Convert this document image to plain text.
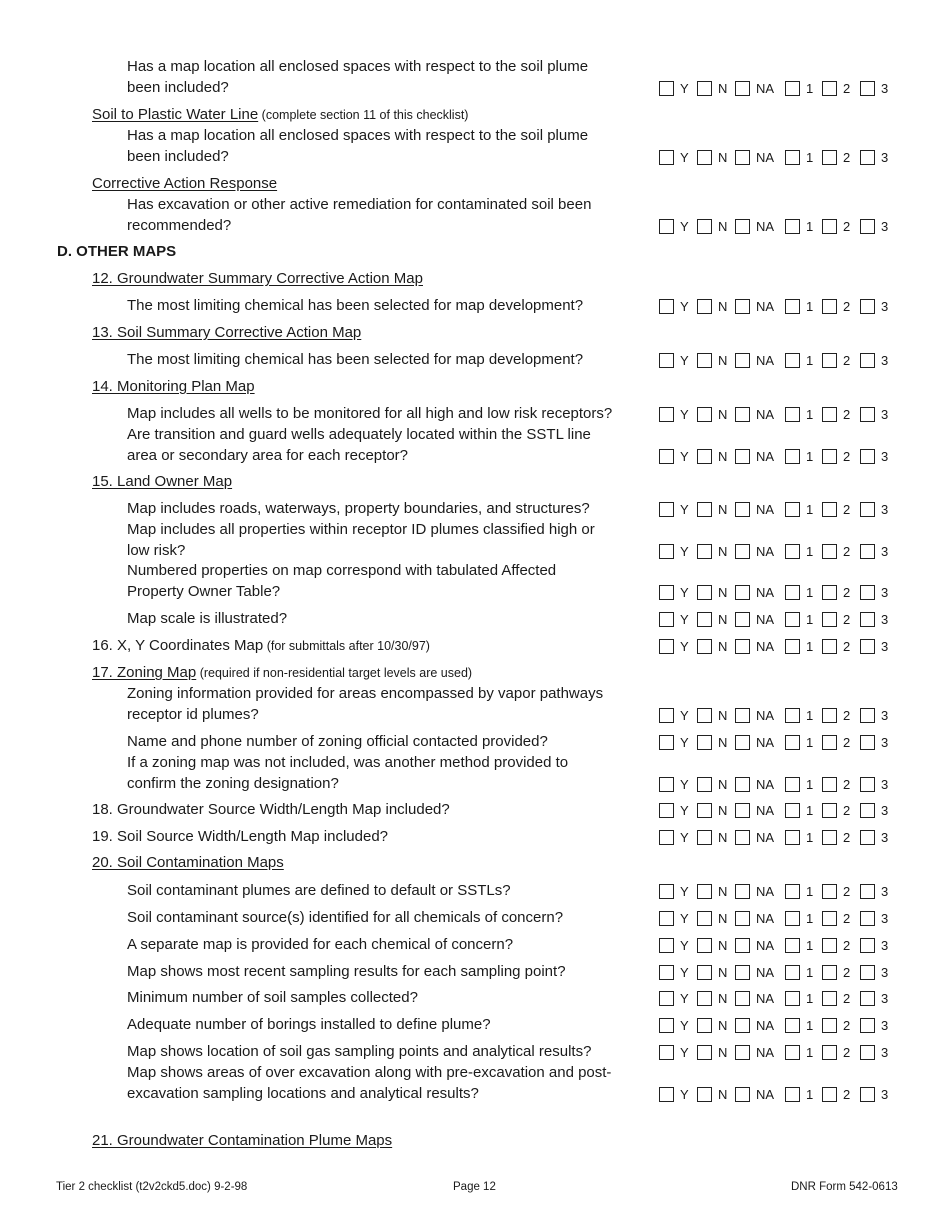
Has a map location all enclosed spaces with respect to the soil plume
been included?	Y N NA 1 2 3
Soil to Plastic Water Line (complete section 11 of this checklist)
Has a map location all enclosed spaces with respect to the soil plume
been included?	Y N NA 1 2 3
Corrective Action Response
Has excavation or other active remediation for contaminated soil been
recommended?	Y N NA 1 2 3
D. OTHER MAPS
12. Groundwater Summary Corrective Action Map
The most limiting chemical has been selected for map development?	Y N NA 1 2 3
13. Soil Summary Corrective Action Map
The most limiting chemical has been selected for map development?	Y N NA 1 2 3
14. Monitoring Plan Map
Map includes all wells to be monitored for all high and low risk receptors?	Y N NA 1 2 3
Are transition and guard wells adequately located within the SSTL line
area or secondary area for each receptor?	Y N NA 1 2 3
15. Land Owner Map
Map includes roads, waterways, property boundaries, and structures?	Y N NA 1 2 3
Map includes all properties within receptor ID plumes classified high or
low risk?	Y N NA 1 2 3
Numbered properties on map correspond with tabulated Affected
Property Owner Table?	Y N NA 1 2 3
Map scale is illustrated?	Y N NA 1 2 3
16. X, Y Coordinates Map (for submittals after 10/30/97)	Y N NA 1 2 3
17. Zoning Map (required if non-residential target levels are used)
Zoning information provided for areas encompassed by vapor pathways
receptor id plumes?	Y N NA 1 2 3
Name and phone number of zoning official contacted provided?	Y N NA 1 2 3
If a zoning map was not included, was another method provided to
confirm the zoning designation?	Y N NA 1 2 3
18. Groundwater Source Width/Length Map included?	Y N NA 1 2 3
19. Soil Source Width/Length Map included?	Y N NA 1 2 3
20. Soil Contamination Maps
Soil contaminant plumes are defined to default or SSTLs?	Y N NA 1 2 3
Soil contaminant source(s) identified for all chemicals of concern?	Y N NA 1 2 3
A separate map is provided for each chemical of concern?	Y N NA 1 2 3
Map shows most recent sampling results for each sampling point?	Y N NA 1 2 3
Minimum number of soil samples collected?	Y N NA 1 2 3
Adequate number of borings installed to define plume?	Y N NA 1 2 3
Map shows location of soil gas sampling points and analytical results?	Y N NA 1 2 3
Map shows areas of over excavation along with pre-excavation and post-
excavation sampling locations and analytical results?	Y N NA 1 2 3
21. Groundwater Contamination Plume Maps
Tier 2 checklist (t2v2ckd5.doc) 9-2-98	Page 12	DNR Form 542-0613
